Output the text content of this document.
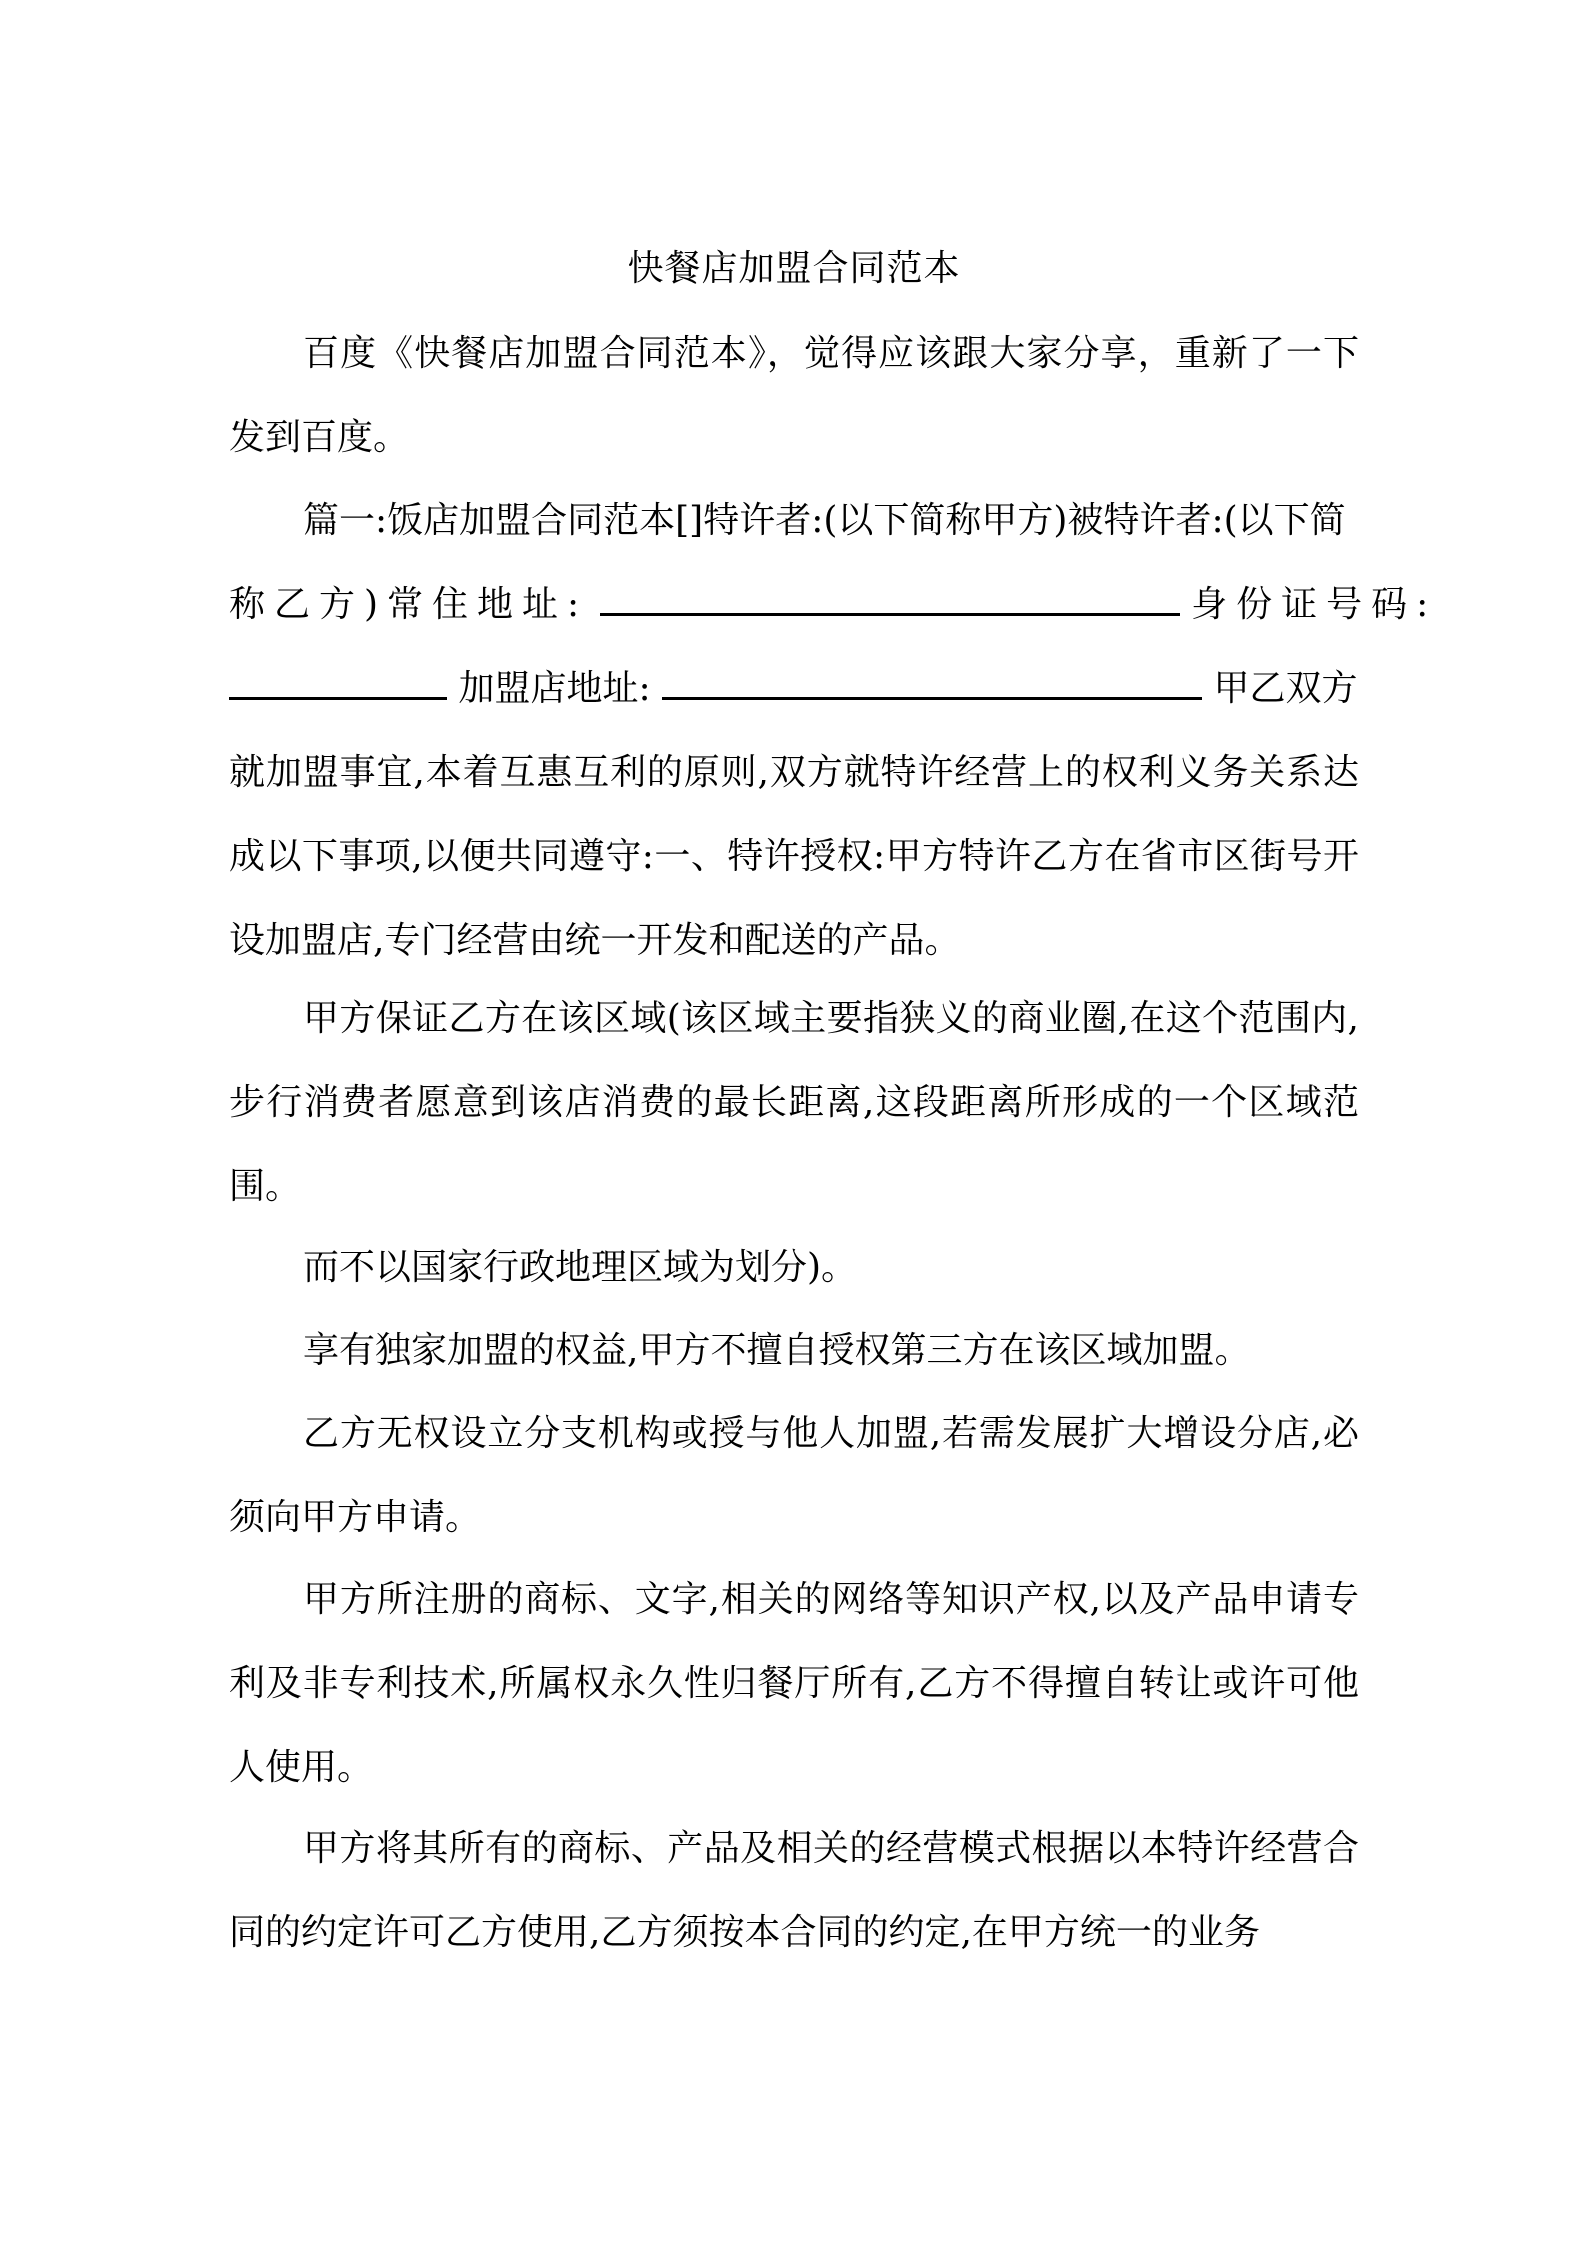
快餐店加盟合同范本

百度《快餐店加盟合同范本》，觉得应该跟大家分享，重新了一下发到百度。

篇一:饭店加盟合同范本[]特许者:(以下简称甲方)被特许者:(以下简
称乙方)常住地址:	身份证号码:
加盟店地址:	甲乙双方
就加盟事宜,本着互惠互利的原则,双方就特许经营上的权利义务关系达成以下事项,以便共同遵守:一、特许授权:甲方特许乙方在省市区街号开设加盟店,专门经营由统一开发和配送的产品。

甲方保证乙方在该区域(该区域主要指狭义的商业圈,在这个范围内,步行消费者愿意到该店消费的最长距离,这段距离所形成的一个区域范围。

而不以国家行政地理区域为划分)。

享有独家加盟的权益,甲方不擅自授权第三方在该区域加盟。

乙方无权设立分支机构或授与他人加盟,若需发展扩大增设分店,必须向甲方申请。

甲方所注册的商标、文字,相关的网络等知识产权,以及产品申请专利及非专利技术,所属权永久性归餐厅所有,乙方不得擅自转让或许可他人使用。

甲方将其所有的商标、产品及相关的经营模式根据以本特许经营合同的约定许可乙方使用,乙方须按本合同的约定,在甲方统一的业务
